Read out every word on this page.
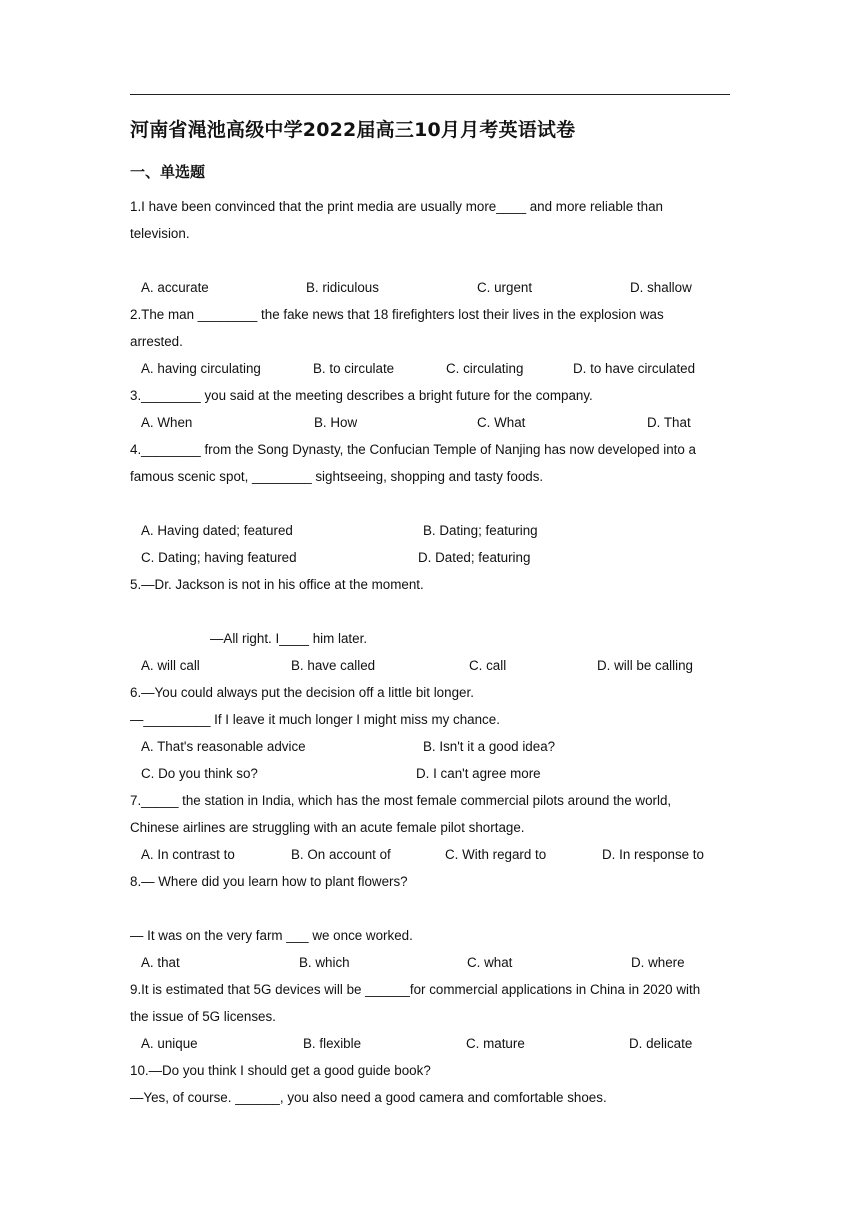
河南省渑池高级中学2022届高三10月月考英语试卷
一、单选题
1.I have been convinced that the print media are usually more____ and more reliable than
television.
A. accurate	B. ridiculous	C. urgent	D. shallow
2.The man ________ the fake news that 18 firefighters lost their lives in the explosion was
arrested.
A. having circulating	B. to circulate	C. circulating	D. to have circulated
3.________ you said at the meeting describes a bright future for the company.
A. When	B. How	C. What	D. That
4.________ from the Song Dynasty, the Confucian Temple of Nanjing has now developed into a
famous scenic spot, ________ sightseeing, shopping and tasty foods.
A. Having dated; featured	B. Dating; featuring
C. Dating; having featured	D. Dated; featuring
5.—Dr. Jackson is not in his office at the moment.
—All right. I____ him later.
A. will call	B. have called	C. call	D. will be calling
6.—You could always put the decision off a little bit longer.
—_________ If I leave it much longer I might miss my chance.
A. That's reasonable advice	B. Isn't it a good idea?
C. Do you think so?	D. I can't agree more
7._____ the station in India, which has the most female commercial pilots around the world,
Chinese airlines are struggling with an acute female pilot shortage.
A. In contrast to	B. On account of	C. With regard to	D. In response to
8.— Where did you learn how to plant flowers?
— It was on the very farm ___ we once worked.
A. that	B. which	C. what	D. where
9.It is estimated that 5G devices will be ______for commercial applications in China in 2020 with
the issue of 5G licenses.
A. unique	B. flexible	C. mature	D. delicate
10.—Do you think I should get a good guide book?
—Yes, of course. ______, you also need a good camera and comfortable shoes.
